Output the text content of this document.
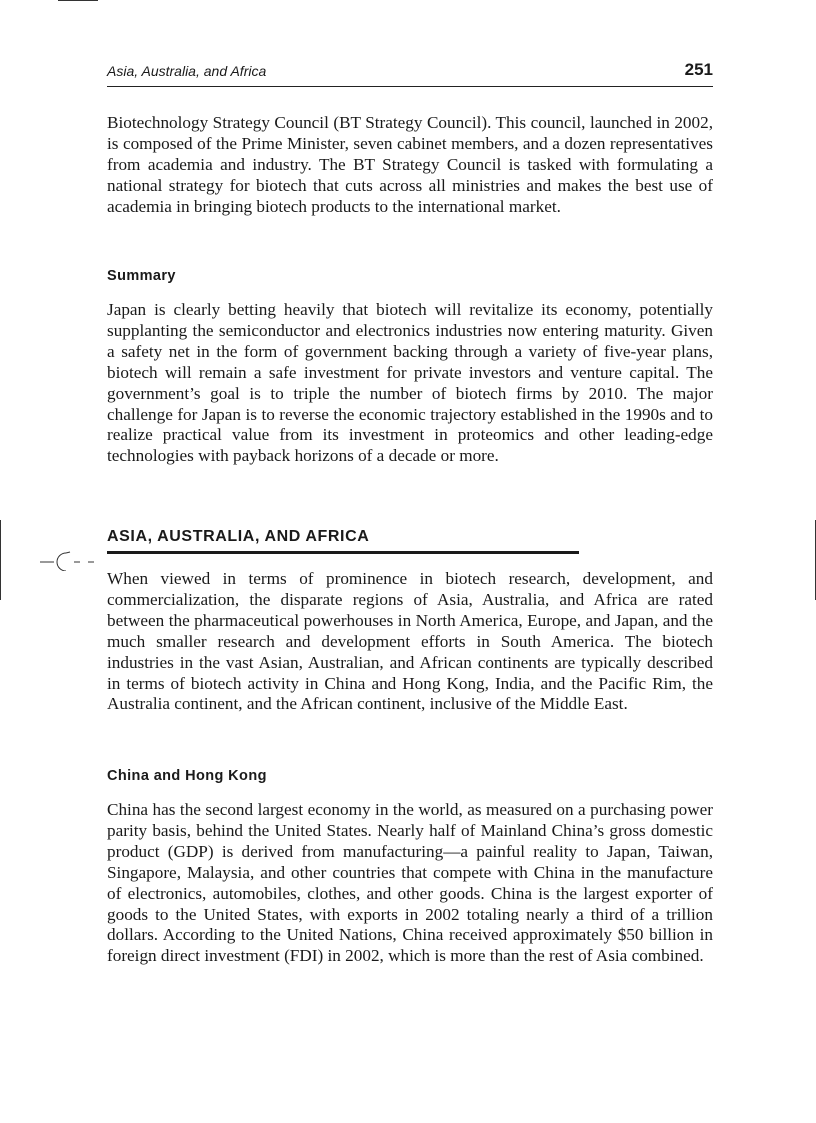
Asia, Australia, and Africa	251

Biotechnology Strategy Council (BT Strategy Council). This council, launched in 2002, is composed of the Prime Minister, seven cabinet members, and a dozen representatives from academia and industry. The BT Strategy Council is tasked with formulating a national strategy for biotech that cuts across all ministries and makes the best use of academia in bringing biotech products to the international market.

Summary

Japan is clearly betting heavily that biotech will revitalize its economy, potentially supplanting the semiconductor and electronics industries now entering maturity. Given a safety net in the form of government backing through a variety of five-year plans, biotech will remain a safe investment for private investors and venture capital. The government’s goal is to triple the number of biotech firms by 2010. The major challenge for Japan is to reverse the economic trajectory established in the 1990s and to realize practical value from its investment in proteomics and other leading-edge technologies with payback horizons of a decade or more.

ASIA, AUSTRALIA, AND AFRICA

When viewed in terms of prominence in biotech research, development, and commercialization, the disparate regions of Asia, Australia, and Africa are rated between the pharmaceutical powerhouses in North America, Europe, and Japan, and the much smaller research and development efforts in South America. The biotech industries in the vast Asian, Australian, and African continents are typically described in terms of biotech activity in China and Hong Kong, India, and the Pacific Rim, the Australia continent, and the African continent, inclusive of the Middle East.

China and Hong Kong

China has the second largest economy in the world, as measured on a purchasing power parity basis, behind the United States. Nearly half of Mainland China’s gross domestic product (GDP) is derived from manufacturing—a painful reality to Japan, Taiwan, Singapore, Malaysia, and other countries that compete with China in the manufacture of electronics, automobiles, clothes, and other goods. China is the largest exporter of goods to the United States, with exports in 2002 totaling nearly a third of a trillion dollars. According to the United Nations, China received approximately $50 billion in foreign direct investment (FDI) in 2002, which is more than the rest of Asia combined.
